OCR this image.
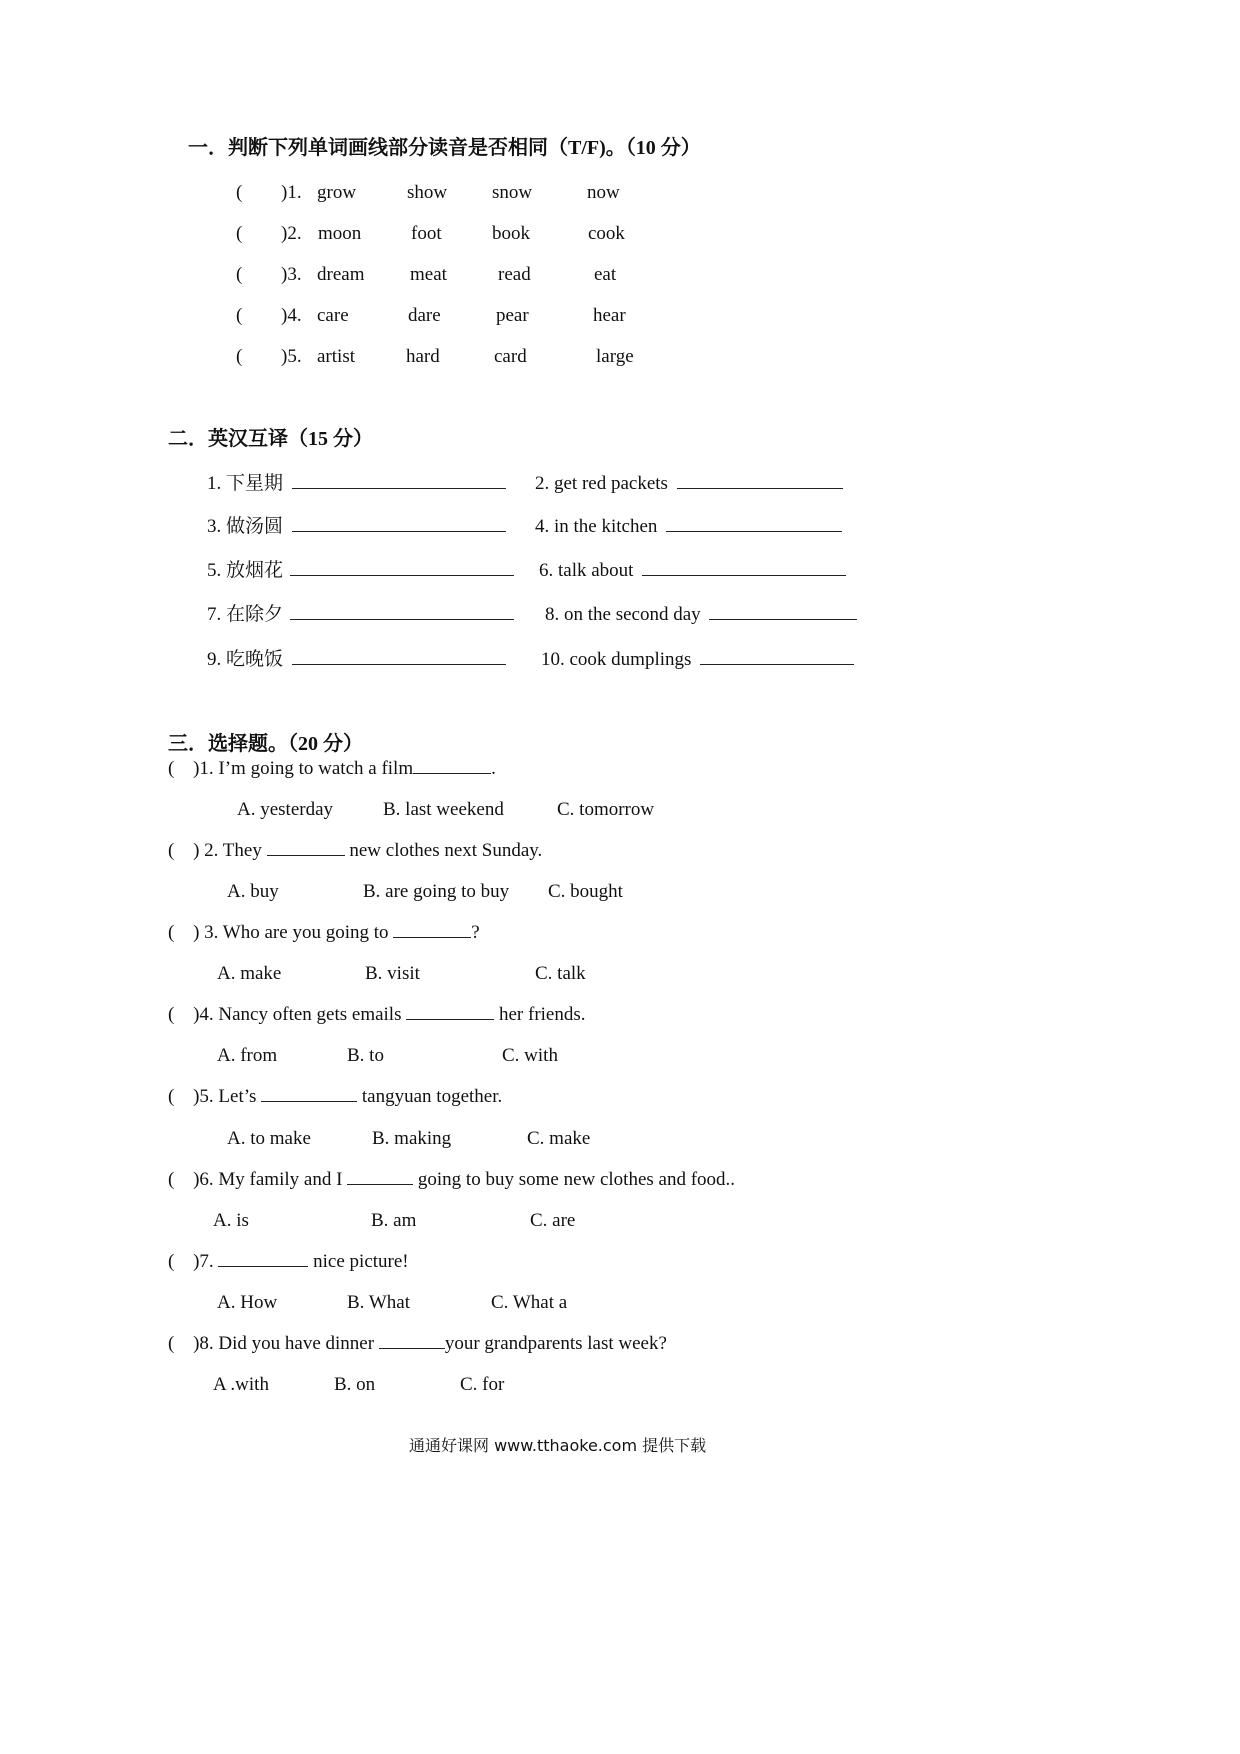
一．判断下列单词画线部分读音是否相同（T/F)。（10 分）
( )1. grow	show snow	now
( )2. moon	foot	book	cook
( )3. dream meat	read	eat
( )4. care	dare	pear	hear
( )5. artist	hard	card	large
二．英汉互译（15 分）
1. 下星期	2. get red packets
3. 做汤圆	4. in the kitchen
5. 放烟花	6. talk about
7. 在除夕	8. on the second day
9. 吃晚饭	10. cook dumplings
三．选择题。（20 分）
( )1. I’m going to watch a film	.
A. yesterday	B. last weekend	C. tomorrow
( ) 2. They	new clothes next Sunday.
A. buy	B. are going to buy C. bought
( ) 3. Who are you going to	?
A. make	B. visit	C. talk
( )4. Nancy often gets emails	her friends.
A. from	B. to	C. with
( )5. Let’s	tangyuan together.
A. to make	B. making	C. make
( )6. My family and I	going to buy some new clothes and food..
A. is	B. am	C. are
( )7.	nice picture!
A. How	B. What	C. What a
( )8. Did you have dinner	your grandparents last week?
A .with	B. on	C. for
通通好课网 www.tthaoke.com 提供下载
